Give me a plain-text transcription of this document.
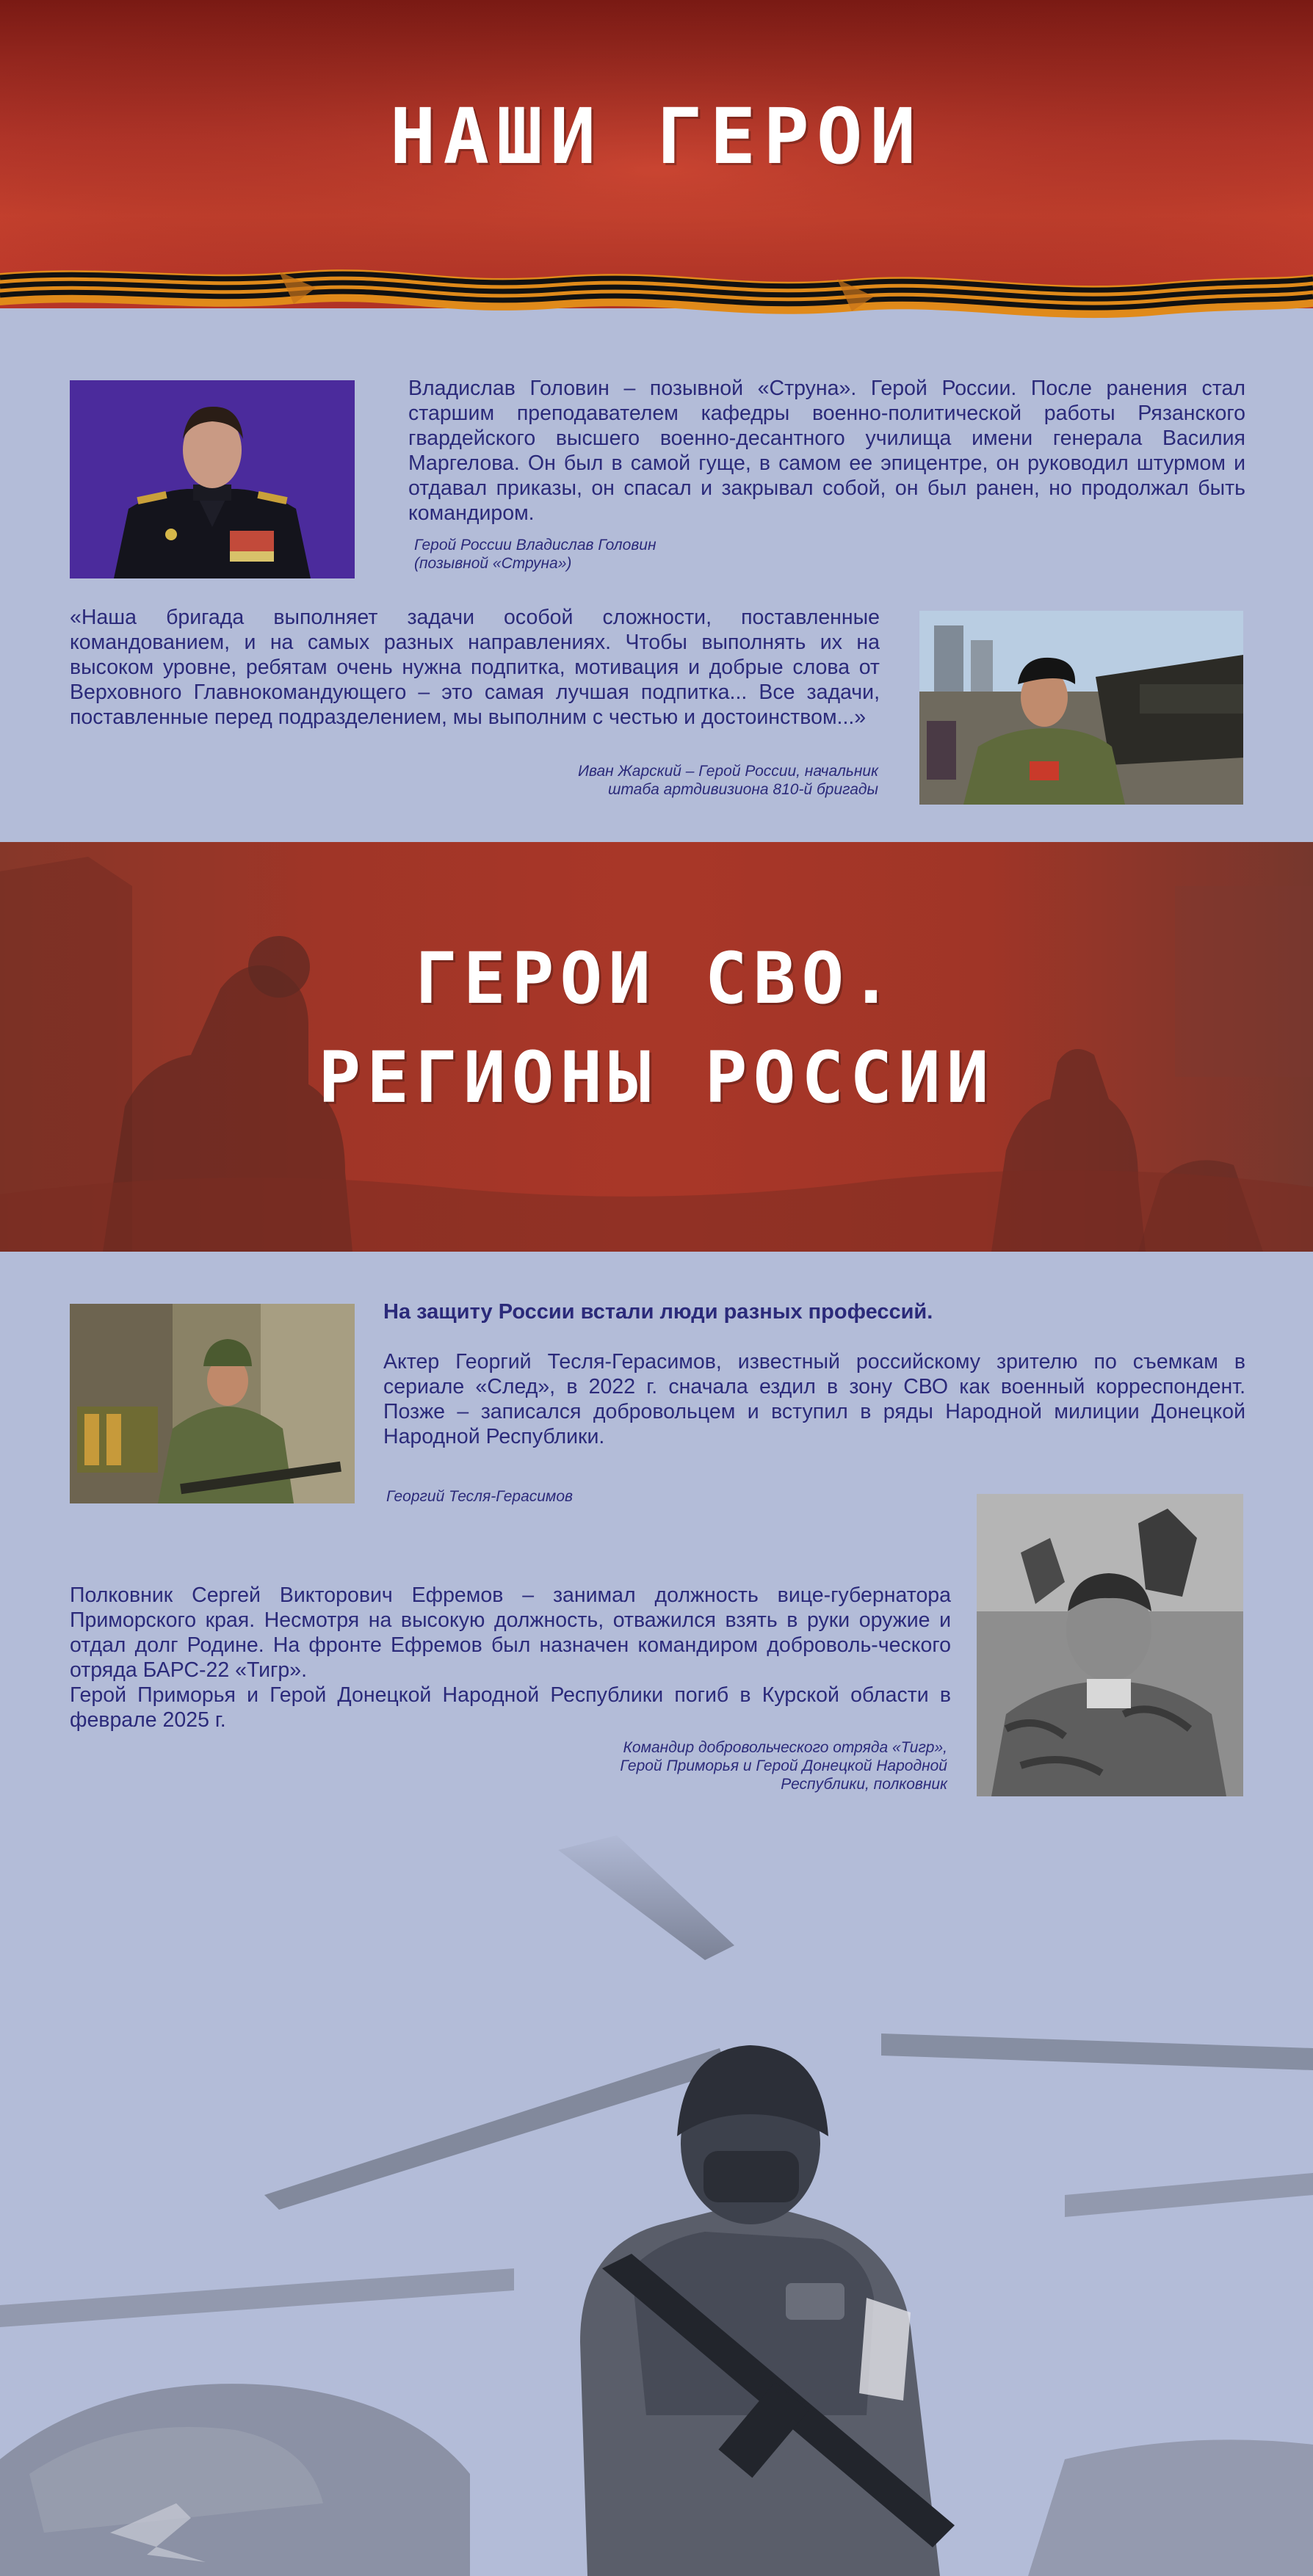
НАШИ ГЕРОИ
Владислав Головин – позывной «Струна». Герой России. После ранения стал старшим преподавателем кафедры военно-политической работы Рязанского гвардейского высшего военно-десантного училища имени генерала Василия Маргелова. Он был в самой гуще, в самом ее эпицентре, он руководил штурмом и отдавал приказы, он спасал и закрывал собой, он был ранен, но продолжал быть командиром.
Герой России Владислав Головин
(позывной «Струна»)
«Наша бригада выполняет задачи особой сложности, поставленные командованием, и на самых разных направлениях. Чтобы выполнять их на высоком уровне, ребятам очень нужна подпитка, мотивация и добрые слова от Верховного Главнокомандующего – это самая лучшая подпитка... Все задачи, поставленные перед подразделением, мы выполним с честью и достоинством...»
Иван Жарский – Герой России, начальник
штаба артдивизиона 810-й бригады
ГЕРОИ СВО.
РЕГИОНЫ РОССИИ
На защиту России встали люди разных профессий.
Актер Георгий Тесля-Герасимов, известный российскому зрителю по съемкам в сериале «След», в 2022 г. сначала ездил в зону СВО как военный корреспондент. Позже – записался добровольцем и вступил в ряды Народной милиции Донецкой Народной Республики.
Георгий Тесля-Герасимов
Полковник Сергей Викторович Ефремов – занимал должность вице-губернатора Приморского края. Несмотря на высокую должность, отважился взять в руки оружие и отдал долг Родине. На фронте Ефремов был назначен командиром доброволь-ческого отряда БАРС-22 «Тигр».
Герой Приморья и Герой Донецкой Народной Республики погиб в Курской области в феврале 2025 г.
Командир добровольческого отряда «Тигр»,
Герой Приморья и Герой Донецкой Народной
Республики, полковник
